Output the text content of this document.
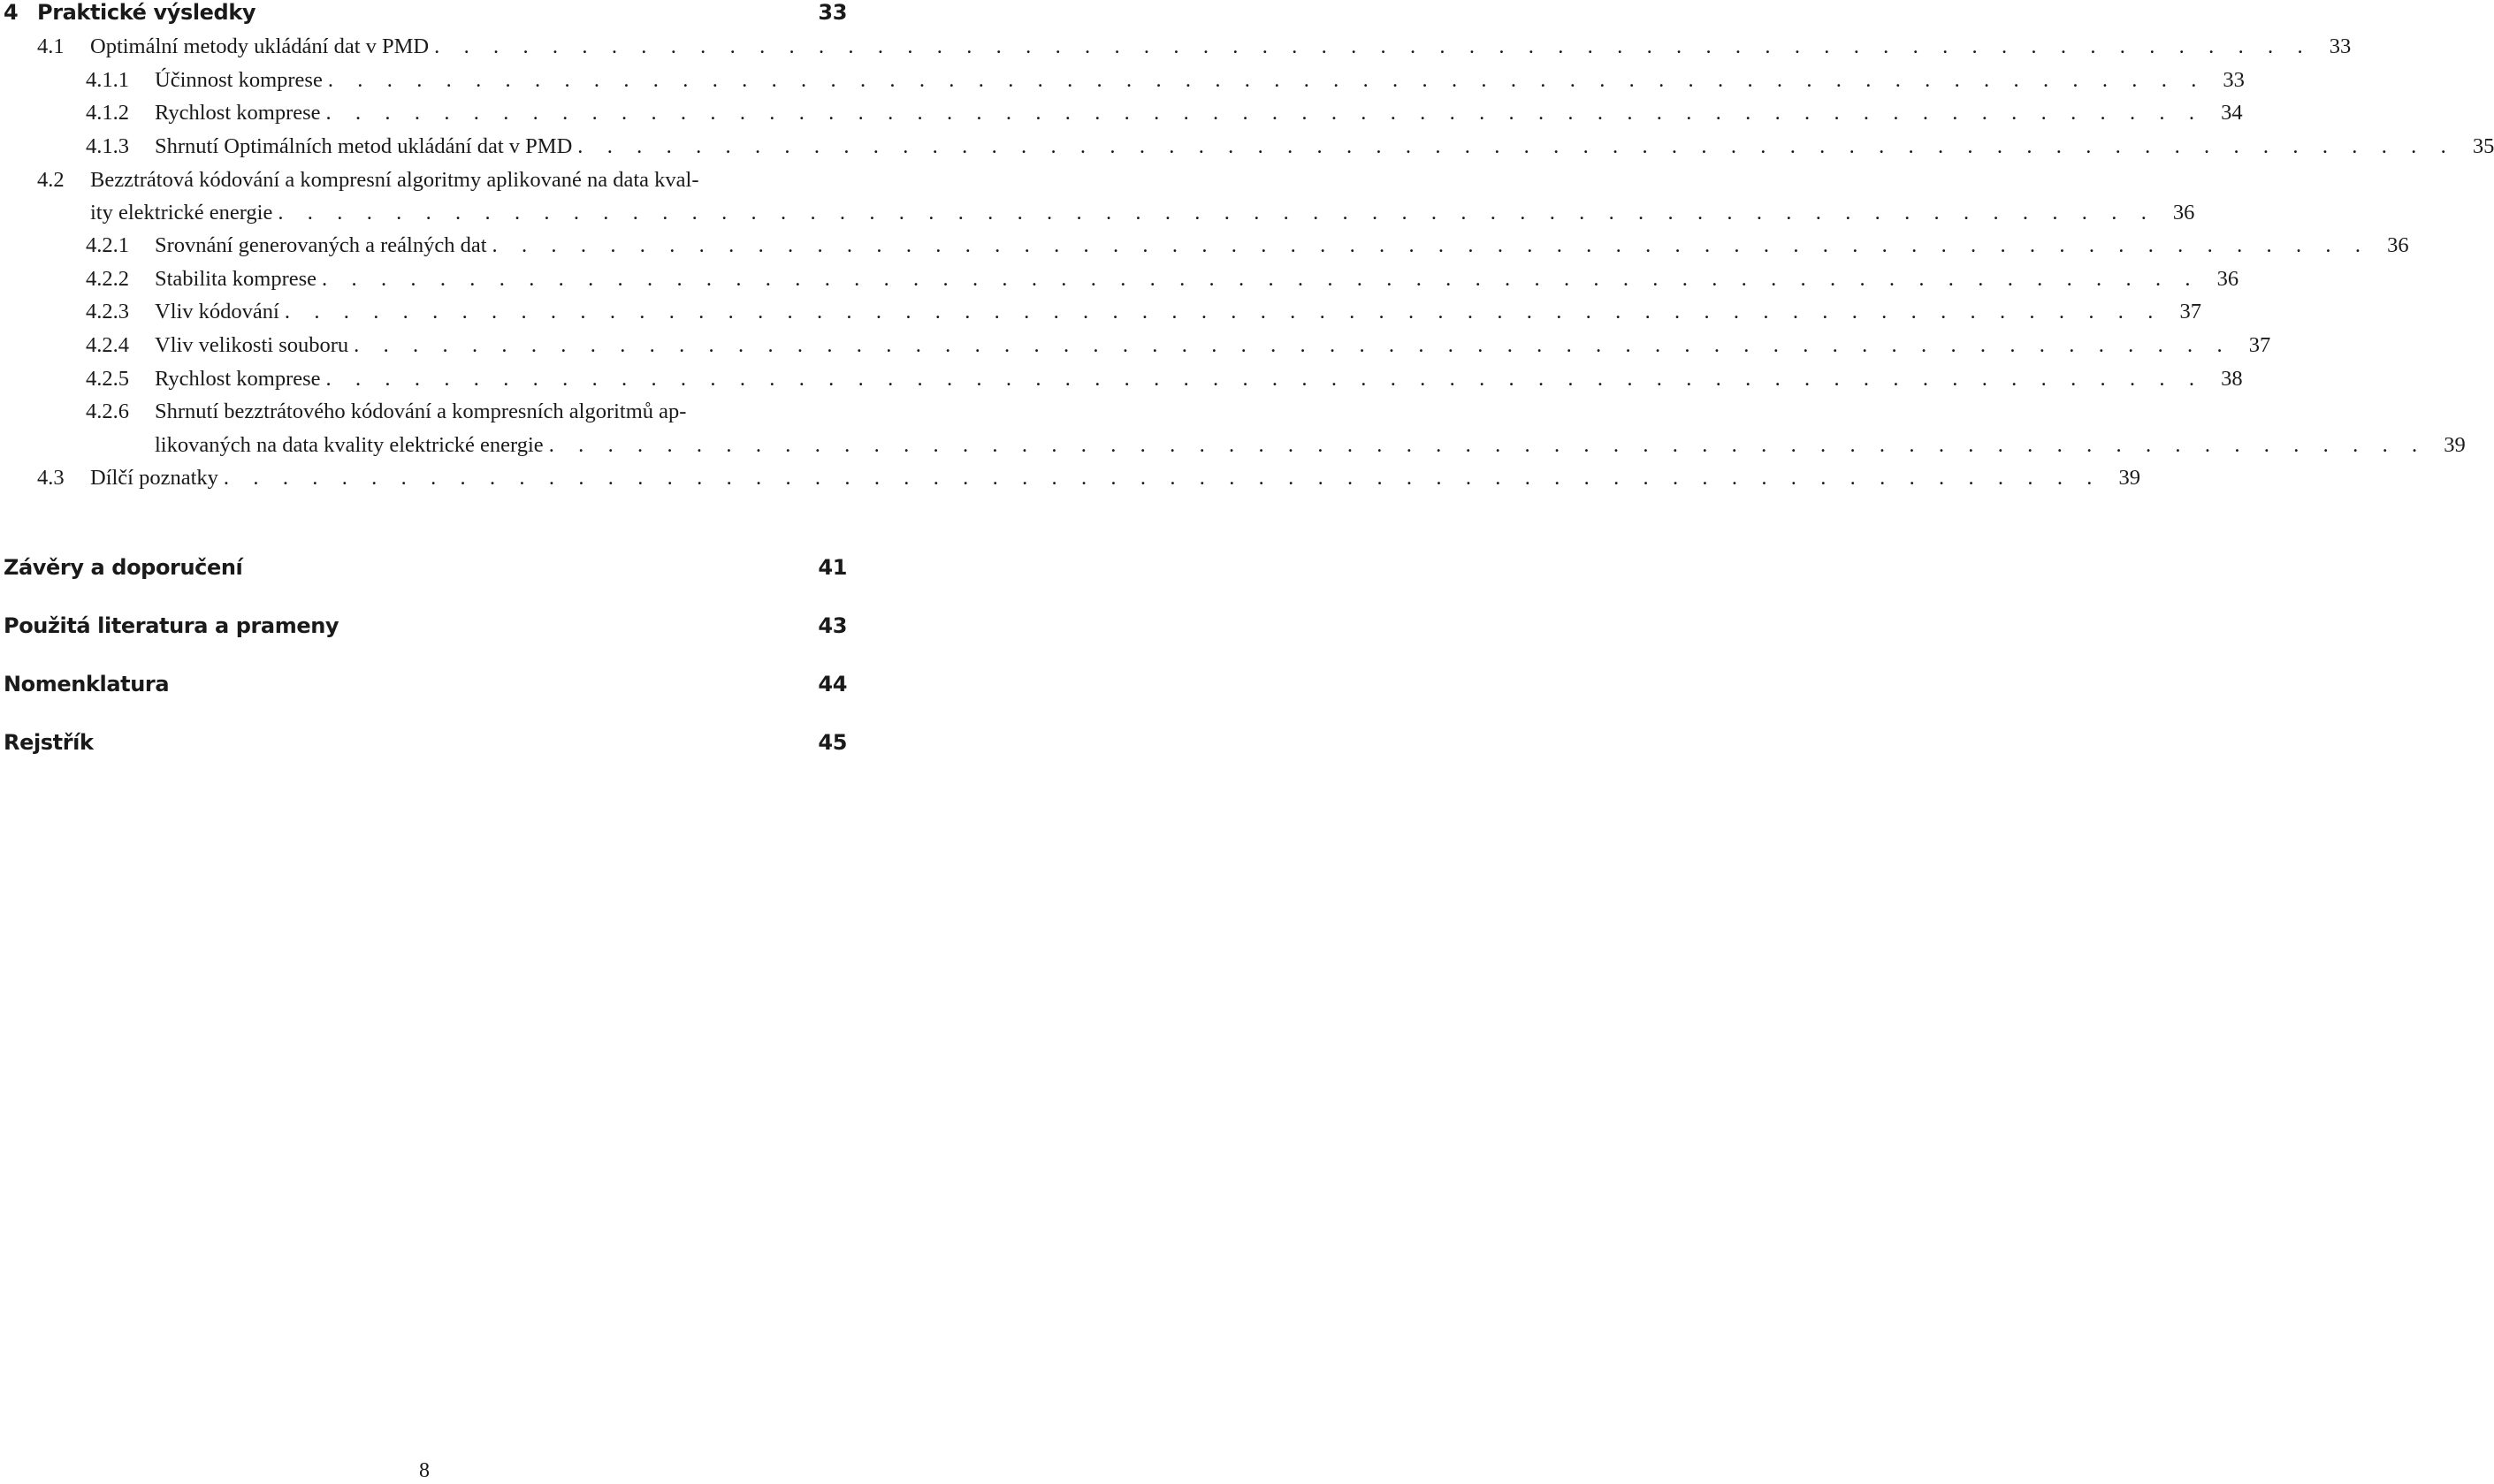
4 Praktické výsledky	33
4.1 Optimální metody ukládání dat v PMD . . . . . . . . . . . . . . . . . . . . . . . . . . . . . . . . . . . . . . . . . . . . . . . . . . . . . . . . . . . . . . . . 33
4.1.1 Účinnost komprese . . . . . . . . . . . . . . . . . . . . . . . . . . . . . . . . . . . . . . . . . . . . . . . . . . . . . . . . . . . . . . . . 33
4.1.2 Rychlost komprese . . . . . . . . . . . . . . . . . . . . . . . . . . . . . . . . . . . . . . . . . . . . . . . . . . . . . . . . . . . . . . . . 34
4.1.3 Shrnutí Optimálních metod ukládání dat v PMD . . . . . . . . . . . . . . . . . . . . . . . . . . . . . . . . . . . . . . . . . . . . . . . . . . . . . . . . . . . . . . . . 35
4.2 Bezztrátová kódování a kompresní algoritmy aplikované na data kval-
ity elektrické energie . . . . . . . . . . . . . . . . . . . . . . . . . . . . . . . . . . . . . . . . . . . . . . . . . . . . . . . . . . . . . . . . 36
4.2.1 Srovnání generovaných a reálných dat . . . . . . . . . . . . . . . . . . . . . . . . . . . . . . . . . . . . . . . . . . . . . . . . . . . . . . . . . . . . . . . . 36
4.2.2 Stabilita komprese . . . . . . . . . . . . . . . . . . . . . . . . . . . . . . . . . . . . . . . . . . . . . . . . . . . . . . . . . . . . . . . . 36
4.2.3 Vliv kódování . . . . . . . . . . . . . . . . . . . . . . . . . . . . . . . . . . . . . . . . . . . . . . . . . . . . . . . . . . . . . . . . 37
4.2.4 Vliv velikosti souboru . . . . . . . . . . . . . . . . . . . . . . . . . . . . . . . . . . . . . . . . . . . . . . . . . . . . . . . . . . . . . . . . 37
4.2.5 Rychlost komprese . . . . . . . . . . . . . . . . . . . . . . . . . . . . . . . . . . . . . . . . . . . . . . . . . . . . . . . . . . . . . . . . 38
4.2.6 Shrnutí bezztrátového kódování a kompresních algoritmů ap-
likovaných na data kvality elektrické energie . . . . . . . . . . . . . . . . . . . . . . . . . . . . . . . . . . . . . . . . . . . . . . . . . . . . . . . . . . . . . . . . 39
4.3 Dílčí poznatky . . . . . . . . . . . . . . . . . . . . . . . . . . . . . . . . . . . . . . . . . . . . . . . . . . . . . . . . . . . . . . . . 39
Závěry a doporučení	41
Použitá literatura a prameny	43
Nomenklatura	44
Rejstřík	45
8
